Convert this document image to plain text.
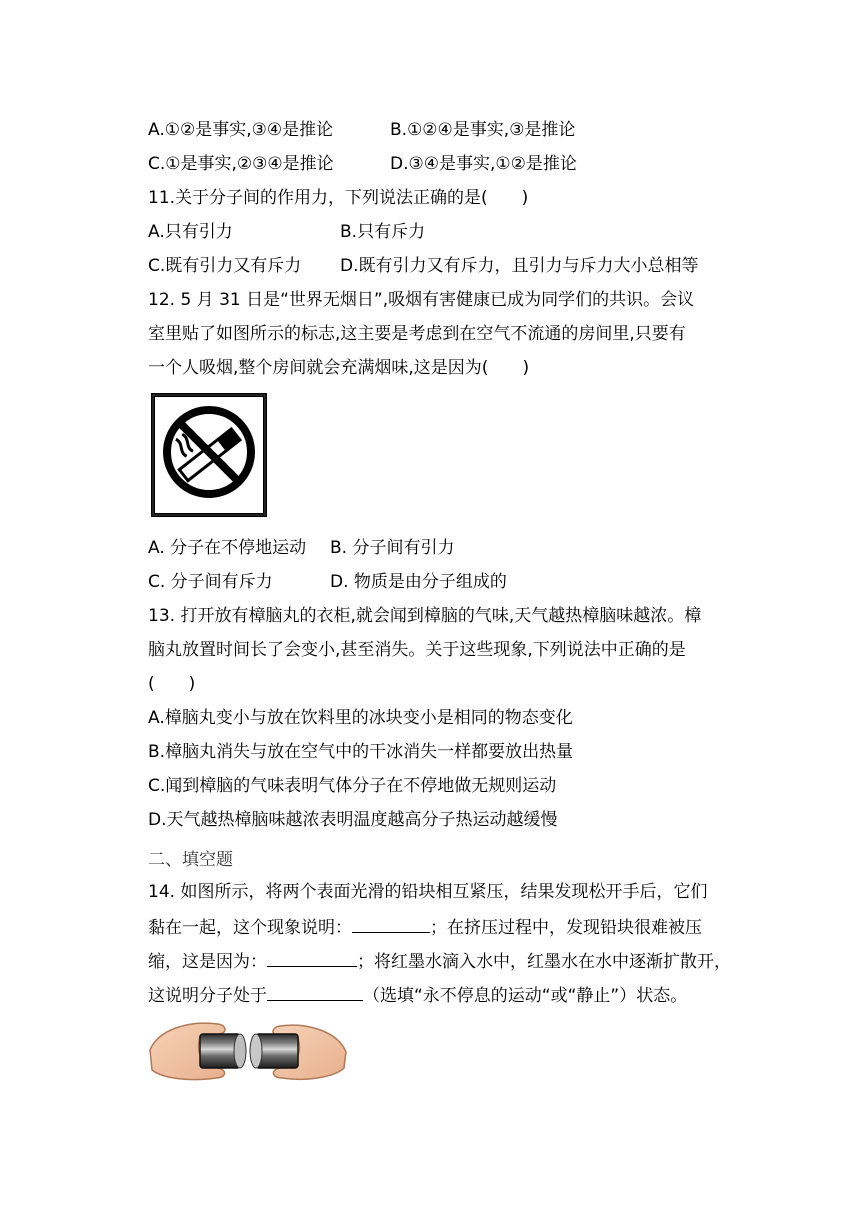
A.①②是事实,③④是推论	B.①②④是事实,③是推论
C.①是事实,②③④是推论	D.③④是事实,①②是推论
11.关于分子间的作用力，下列说法正确的是(　　)
A.只有引力	B.只有斥力
C.既有引力又有斥力 D.既有引力又有斥力，且引力与斥力大小总相等
12. 5 月 31 日是“世界无烟日”,吸烟有害健康已成为同学们的共识。会议
室里贴了如图所示的标志,这主要是考虑到在空气不流通的房间里,只要有
一个人吸烟,整个房间就会充满烟味,这是因为(　　)
A. 分子在不停地运动 B. 分子间有引力
C. 分子间有斥力	D. 物质是由分子组成的
13. 打开放有樟脑丸的衣柜,就会闻到樟脑的气味,天气越热樟脑味越浓。樟
脑丸放置时间长了会变小,甚至消失。关于这些现象,下列说法中正确的是
(　　)
A.樟脑丸变小与放在饮料里的冰块变小是相同的物态变化
B.樟脑丸消失与放在空气中的干冰消失一样都要放出热量
C.闻到樟脑的气味表明气体分子在不停地做无规则运动
D.天气越热樟脑味越浓表明温度越高分子热运动越缓慢
二、填空题
14. 如图所示，将两个表面光滑的铅块相互紧压，结果发现松开手后，它们
黏在一起，这个现象说明：	；在挤压过程中，发现铅块很难被压
缩，这是因为：	；将红墨水滴入水中，红墨水在水中逐渐扩散开，
这说明分子处于	（选填“永不停息的运动“或“静止”）状态。
